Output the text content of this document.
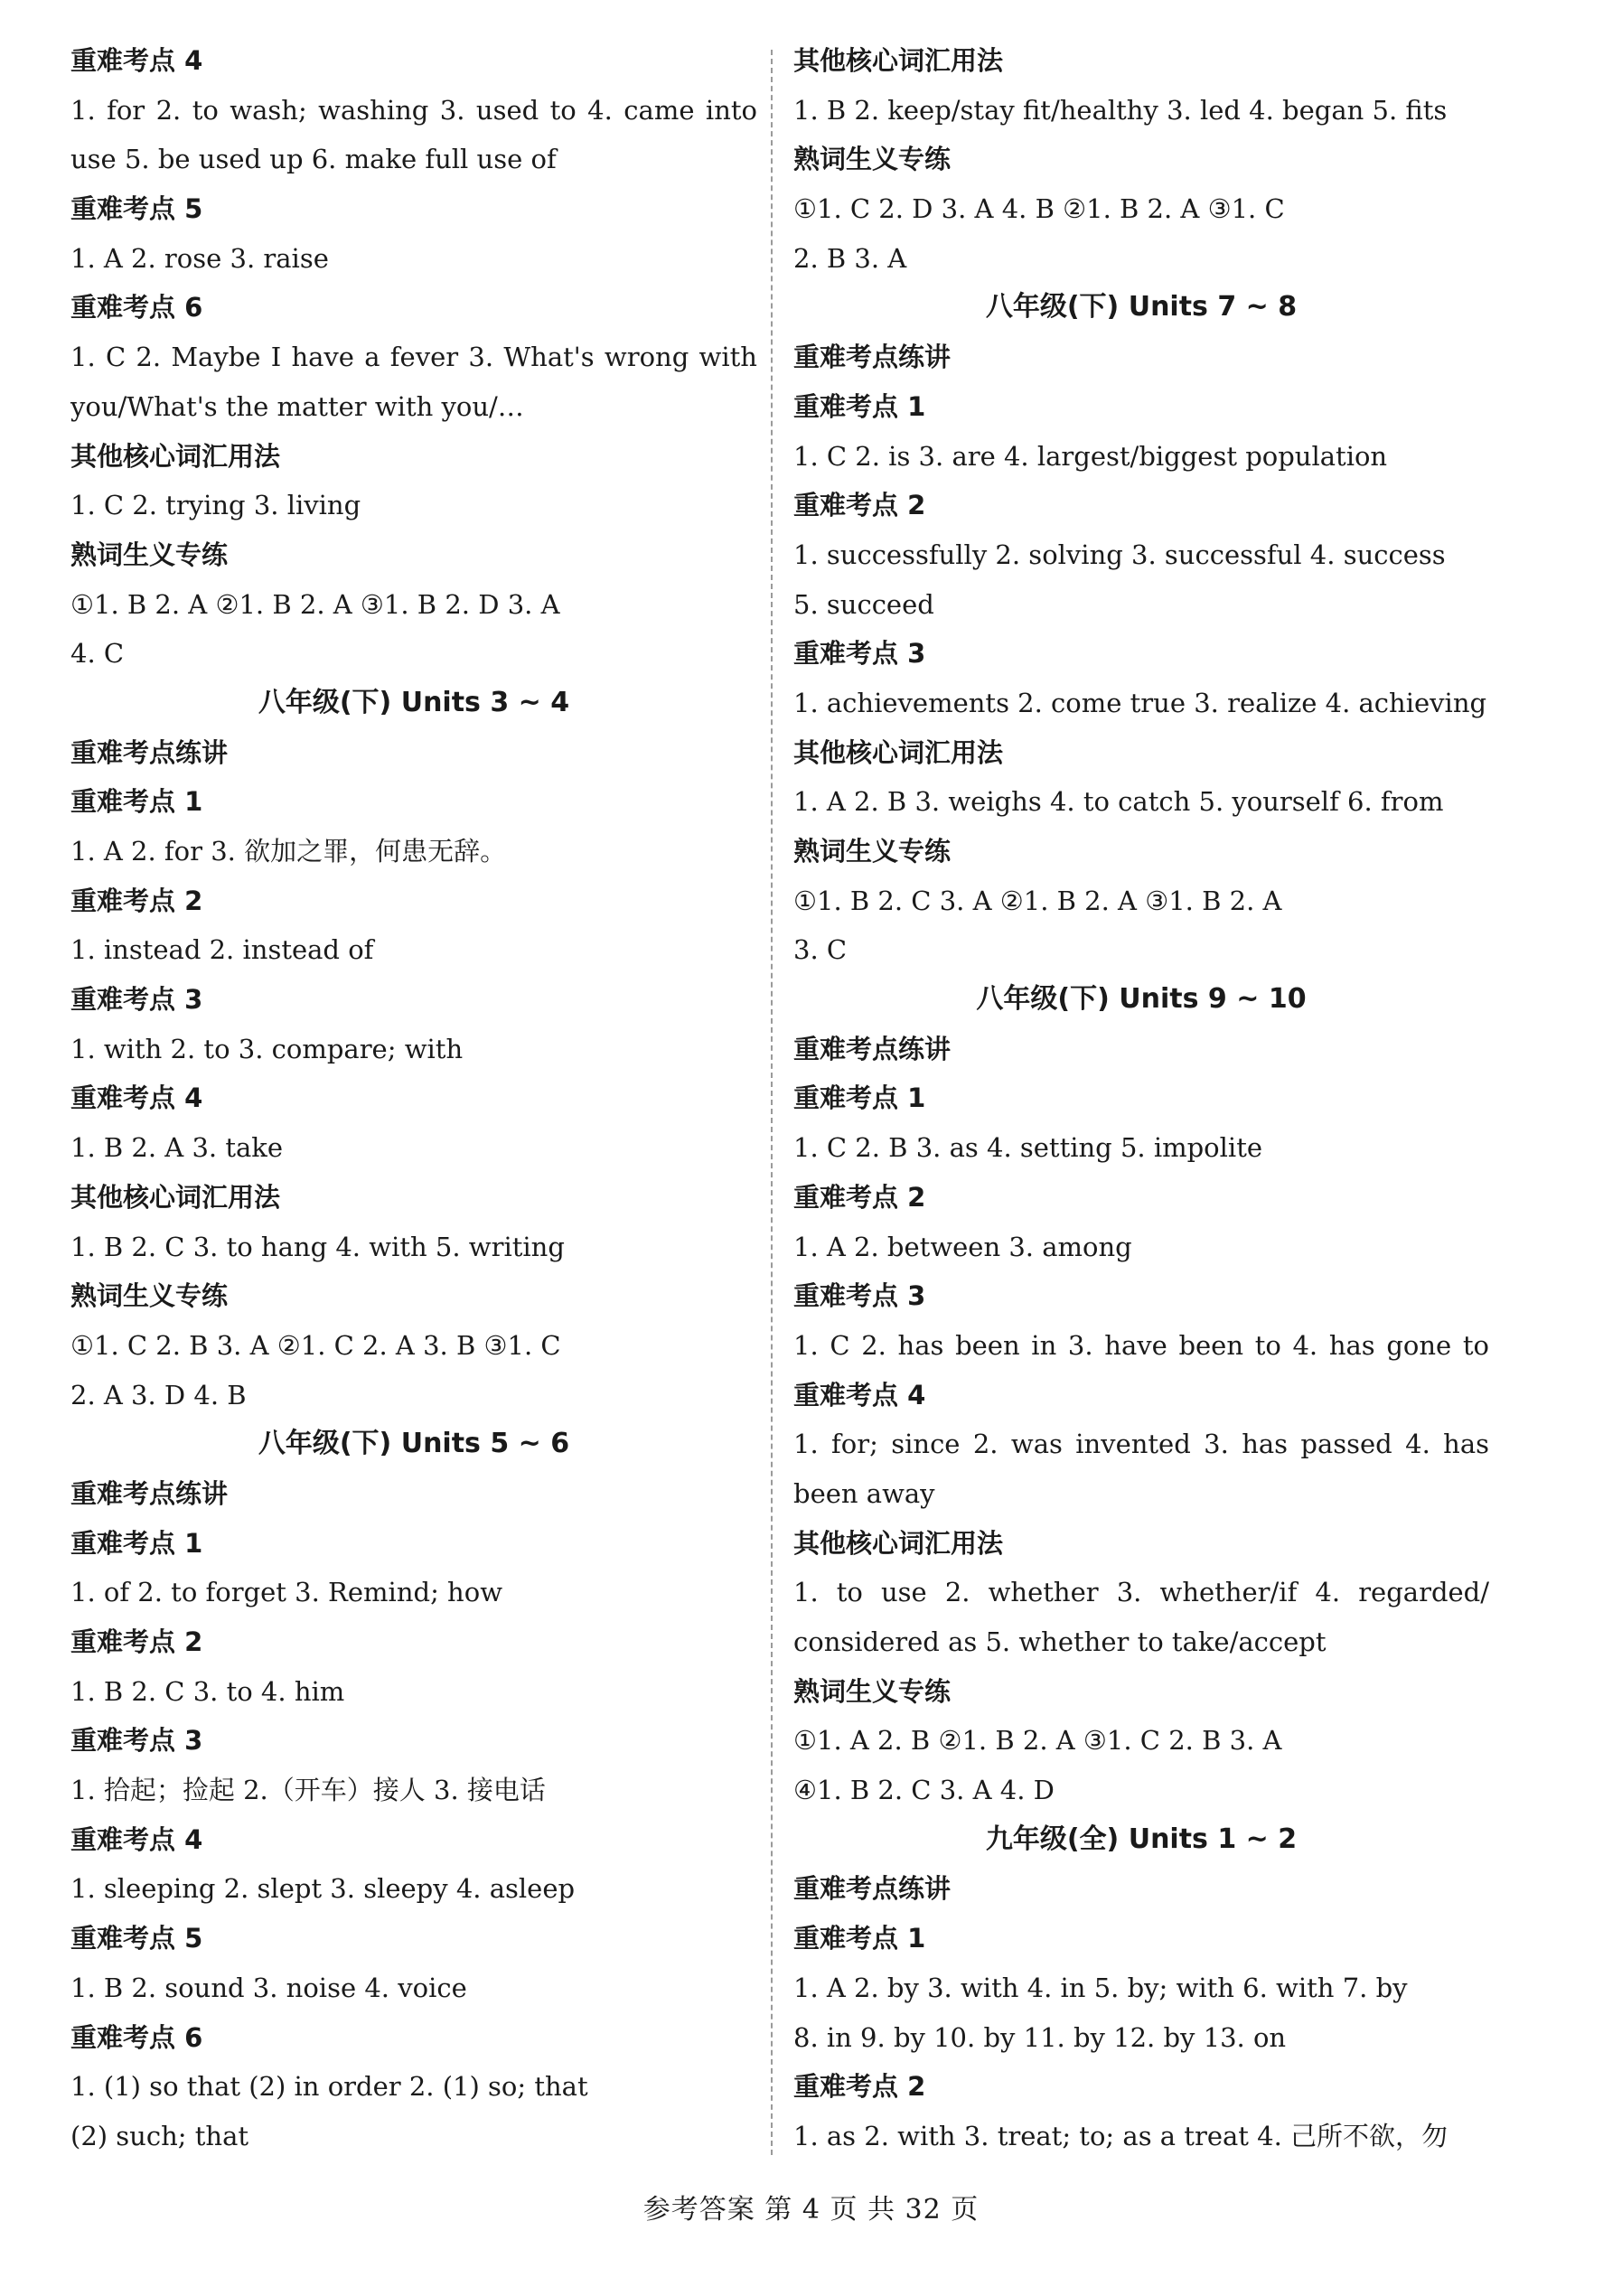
重难考点 4
1. for 2. to wash; washing 3. used to 4. came into
use 5. be used up 6. make full use of
重难考点 5
1. A 2. rose 3. raise
重难考点 6
1. C 2. Maybe I have a fever 3. What's wrong with
you/What's the matter with you/…
其他核心词汇用法
1. C 2. trying 3. living
熟词生义专练
①1. B 2. A ②1. B 2. A ③1. B 2. D 3. A
4. C
八年级(下) Units 3 ~ 4
重难考点练讲
重难考点 1
1. A 2. for 3. 欲加之罪，何患无辞。
重难考点 2
1. instead 2. instead of
重难考点 3
1. with 2. to 3. compare; with
重难考点 4
1. B 2. A 3. take
其他核心词汇用法
1. B 2. C 3. to hang 4. with 5. writing
熟词生义专练
①1. C 2. B 3. A ②1. C 2. A 3. B ③1. C
2. A 3. D 4. B
八年级(下) Units 5 ~ 6
重难考点练讲
重难考点 1
1. of 2. to forget 3. Remind; how
重难考点 2
1. B 2. C 3. to 4. him
重难考点 3
1. 拾起；捡起 2.（开车）接人 3. 接电话
重难考点 4
1. sleeping 2. slept 3. sleepy 4. asleep
重难考点 5
1. B 2. sound 3. noise 4. voice
重难考点 6
1. (1) so that (2) in order 2. (1) so; that
(2) such; that
其他核心词汇用法
1. B 2. keep/stay fit/healthy 3. led 4. began 5. fits
熟词生义专练
①1. C 2. D 3. A 4. B ②1. B 2. A ③1. C
2. B 3. A
八年级(下) Units 7 ~ 8
重难考点练讲
重难考点 1
1. C 2. is 3. are 4. largest/biggest population
重难考点 2
1. successfully 2. solving 3. successful 4. success
5. succeed
重难考点 3
1. achievements 2. come true 3. realize 4. achieving
其他核心词汇用法
1. A 2. B 3. weighs 4. to catch 5. yourself 6. from
熟词生义专练
①1. B 2. C 3. A ②1. B 2. A ③1. B 2. A
3. C
八年级(下) Units 9 ~ 10
重难考点练讲
重难考点 1
1. C 2. B 3. as 4. setting 5. impolite
重难考点 2
1. A 2. between 3. among
重难考点 3
1. C 2. has been in 3. have been to 4. has gone to
重难考点 4
1. for; since 2. was invented 3. has passed 4. has
been away
其他核心词汇用法
1. to use 2. whether 3. whether/if 4. regarded/
considered as 5. whether to take/accept
熟词生义专练
①1. A 2. B ②1. B 2. A ③1. C 2. B 3. A
④1. B 2. C 3. A 4. D
九年级(全) Units 1 ~ 2
重难考点练讲
重难考点 1
1. A 2. by 3. with 4. in 5. by; with 6. with 7. by
8. in 9. by 10. by 11. by 12. by 13. on
重难考点 2
1. as 2. with 3. treat; to; as a treat 4. 己所不欲，勿
参考答案 第 4 页 共 32 页
